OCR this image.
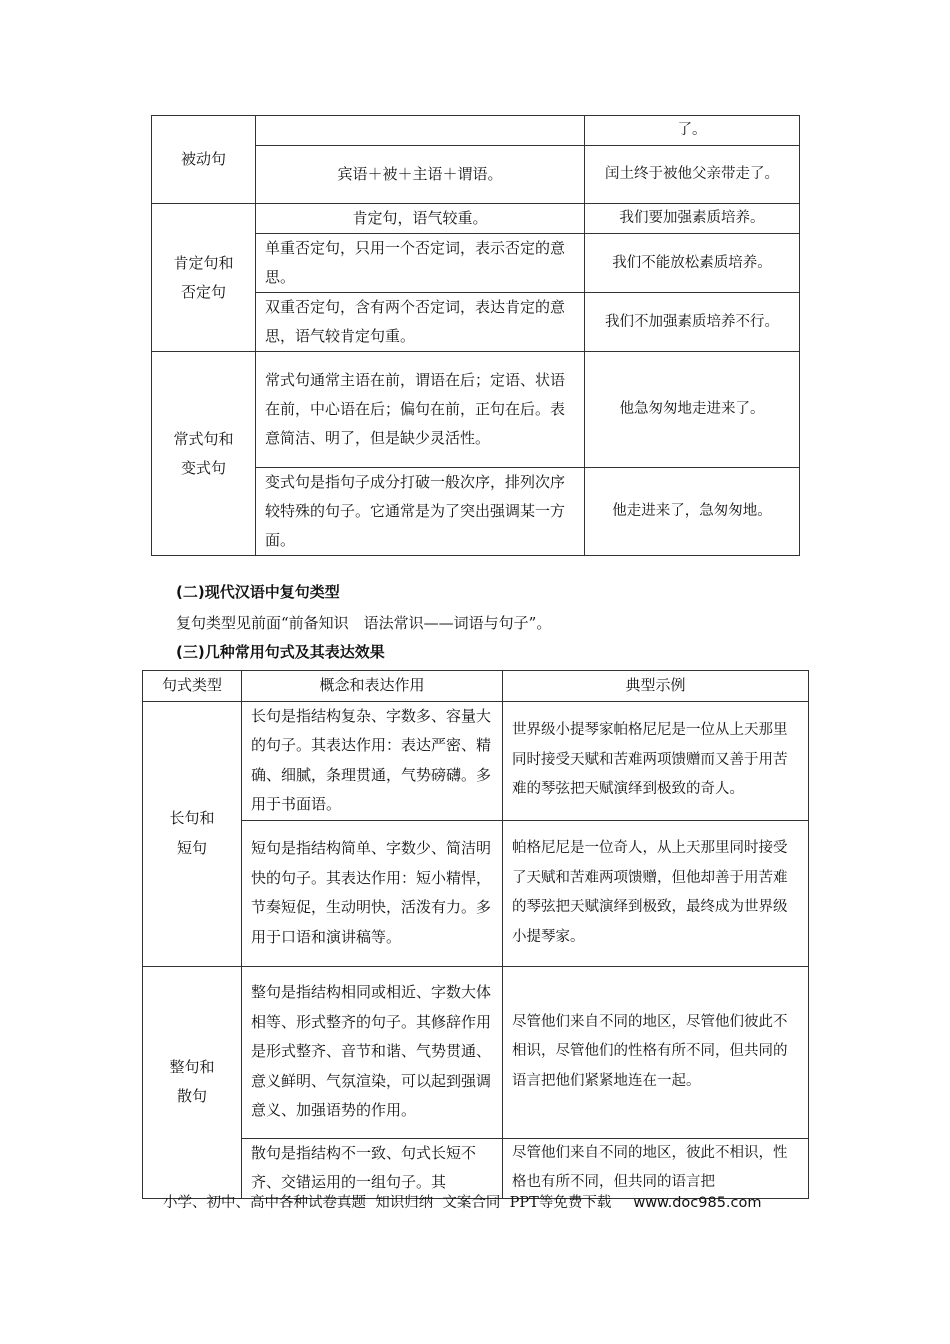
被动句		了。
	宾语＋被＋主语＋谓语。	闰土终于被他父亲带走了。
肯定句和否定句	肯定句，语气较重。	我们要加强素质培养。
	单重否定句，只用一个否定词，表示否定的意思。	我们不能放松素质培养。
	双重否定句，含有两个否定词，表达肯定的意思，语气较肯定句重。	我们不加强素质培养不行。
常式句和变式句	常式句通常主语在前，谓语在后；定语、状语在前，中心语在后；偏句在前，正句在后。表意简洁、明了，但是缺少灵活性。	他急匆匆地走进来了。
	变式句是指句子成分打破一般次序，排列次序较特殊的句子。它通常是为了突出强调某一方面。	他走进来了，急匆匆地。
(二)现代汉语中复句类型
复句类型见前面“前备知识　语法常识——词语与句子”。
(三)几种常用句式及其表达效果
句式类型	概念和表达作用	典型示例
长句和短句	长句是指结构复杂、字数多、容量大的句子。其表达作用：表达严密、精确、细腻，条理贯通，气势磅礴。多用于书面语。	世界级小提琴家帕格尼尼是一位从上天那里同时接受天赋和苦难两项馈赠而又善于用苦难的琴弦把天赋演绎到极致的奇人。
	短句是指结构简单、字数少、简洁明快的句子。其表达作用：短小精悍，节奏短促，生动明快，活泼有力。多用于口语和演讲稿等。	帕格尼尼是一位奇人，从上天那里同时接受了天赋和苦难两项馈赠，但他却善于用苦难的琴弦把天赋演绎到极致，最终成为世界级小提琴家。
整句和散句	整句是指结构相同或相近、字数大体相等、形式整齐的句子。其修辞作用是形式整齐、音节和谐、气势贯通、意义鲜明、气氛渲染，可以起到强调意义、加强语势的作用。	尽管他们来自不同的地区，尽管他们彼此不相识，尽管他们的性格有所不同，但共同的语言把他们紧紧地连在一起。
	散句是指结构不一致、句式长短不齐、交错运用的一组句子。其	尽管他们来自不同的地区，彼此不相识，性格也有所不同，但共同的语言把
小学、初中、高中各种试卷真题  知识归纳  文案合同  PPT等免费下载 www.doc985.com
